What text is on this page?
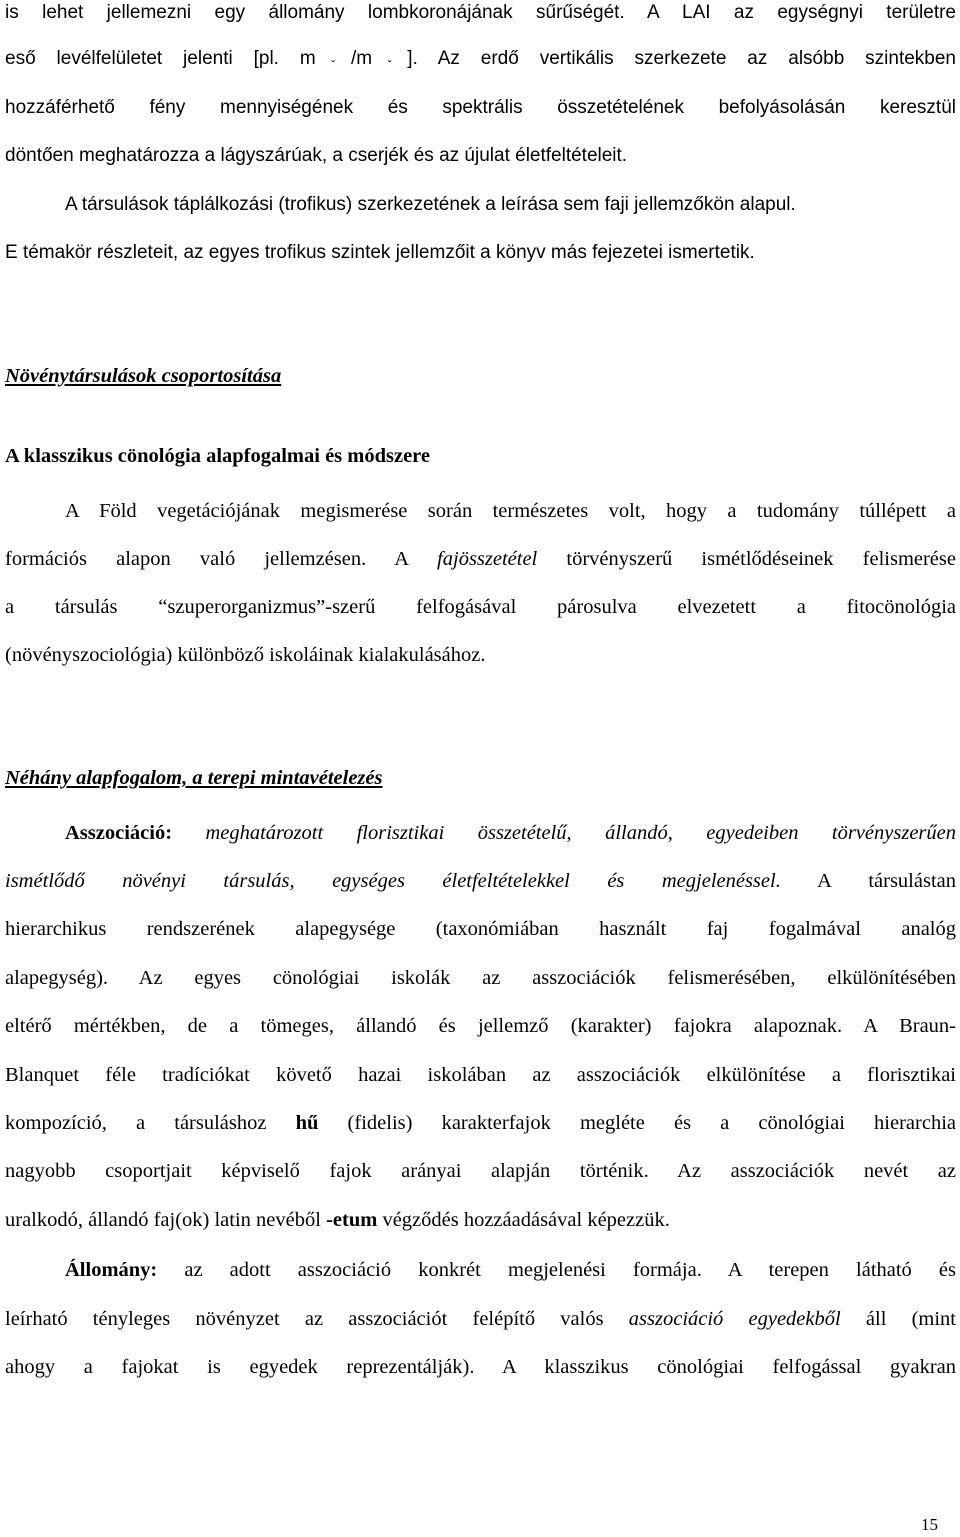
is lehet jellemezni egy állomány lombkoronájának sűrűségét. A LAI az egységnyi területre
eső levélfelületet jelenti [pl. $m_ˇ/m_ˇ$]. Az erdő vertikális szerkezete az alsóbb szintekben
hozzáférhető fény mennyiségének és spektrális összetételének befolyásolásán keresztül
döntően meghatározza a lágyszárúak, a cserjék és az újulat életfeltételeit.
A társulások táplálkozási (trofikus) szerkezetének a leírása sem faji jellemzőkön alapul.
E témakör részleteit, az egyes trofikus szintek jellemzőit a könyv más fejezetei ismertetik.
Növénytársulások csoportosítása
A klasszikus cönológia alapfogalmai és módszere
A Föld vegetációjának megismerése során természetes volt, hogy a tudomány túllépett a
formációs alapon való jellemzésen. A fajösszetétel törvényszerű ismétlődéseinek felismerése
a társulás “szuperorganizmus”-szerű felfogásával párosulva elvezetett a fitocönológia
(növényszociológia) különböző iskoláinak kialakulásához.
Néhány alapfogalom, a terepi mintavételezés
Asszociáció: meghatározott florisztikai összetételű, állandó, egyedeiben törvényszerűen
ismétlődő növényi társulás, egységes életfeltételekkel és megjelenéssel. A társulástan
hierarchikus rendszerének alapegysége (taxonómiában használt faj fogalmával analóg
alapegység). Az egyes cönológiai iskolák az asszociációk felismerésében, elkülönítésében
eltérő mértékben, de a tömeges, állandó és jellemző (karakter) fajokra alapoznak. A Braun-
Blanquet féle tradíciókat követő hazai iskolában az asszociációk elkülönítése a florisztikai
kompozíció, a társuláshoz hű (fidelis) karakterfajok megléte és a cönológiai hierarchia
nagyobb csoportjait képviselő fajok arányai alapján történik. Az asszociációk nevét az
uralkodó, állandó faj(ok) latin nevéből -etum végződés hozzáadásával képezzük.
Állomány: az adott asszociáció konkrét megjelenési formája. A terepen látható és
leírható tényleges növényzet az asszociációt felépítő valós asszociáció egyedekből áll (mint
ahogy a fajokat is egyedek reprezentálják). A klasszikus cönológiai felfogással gyakran
15
